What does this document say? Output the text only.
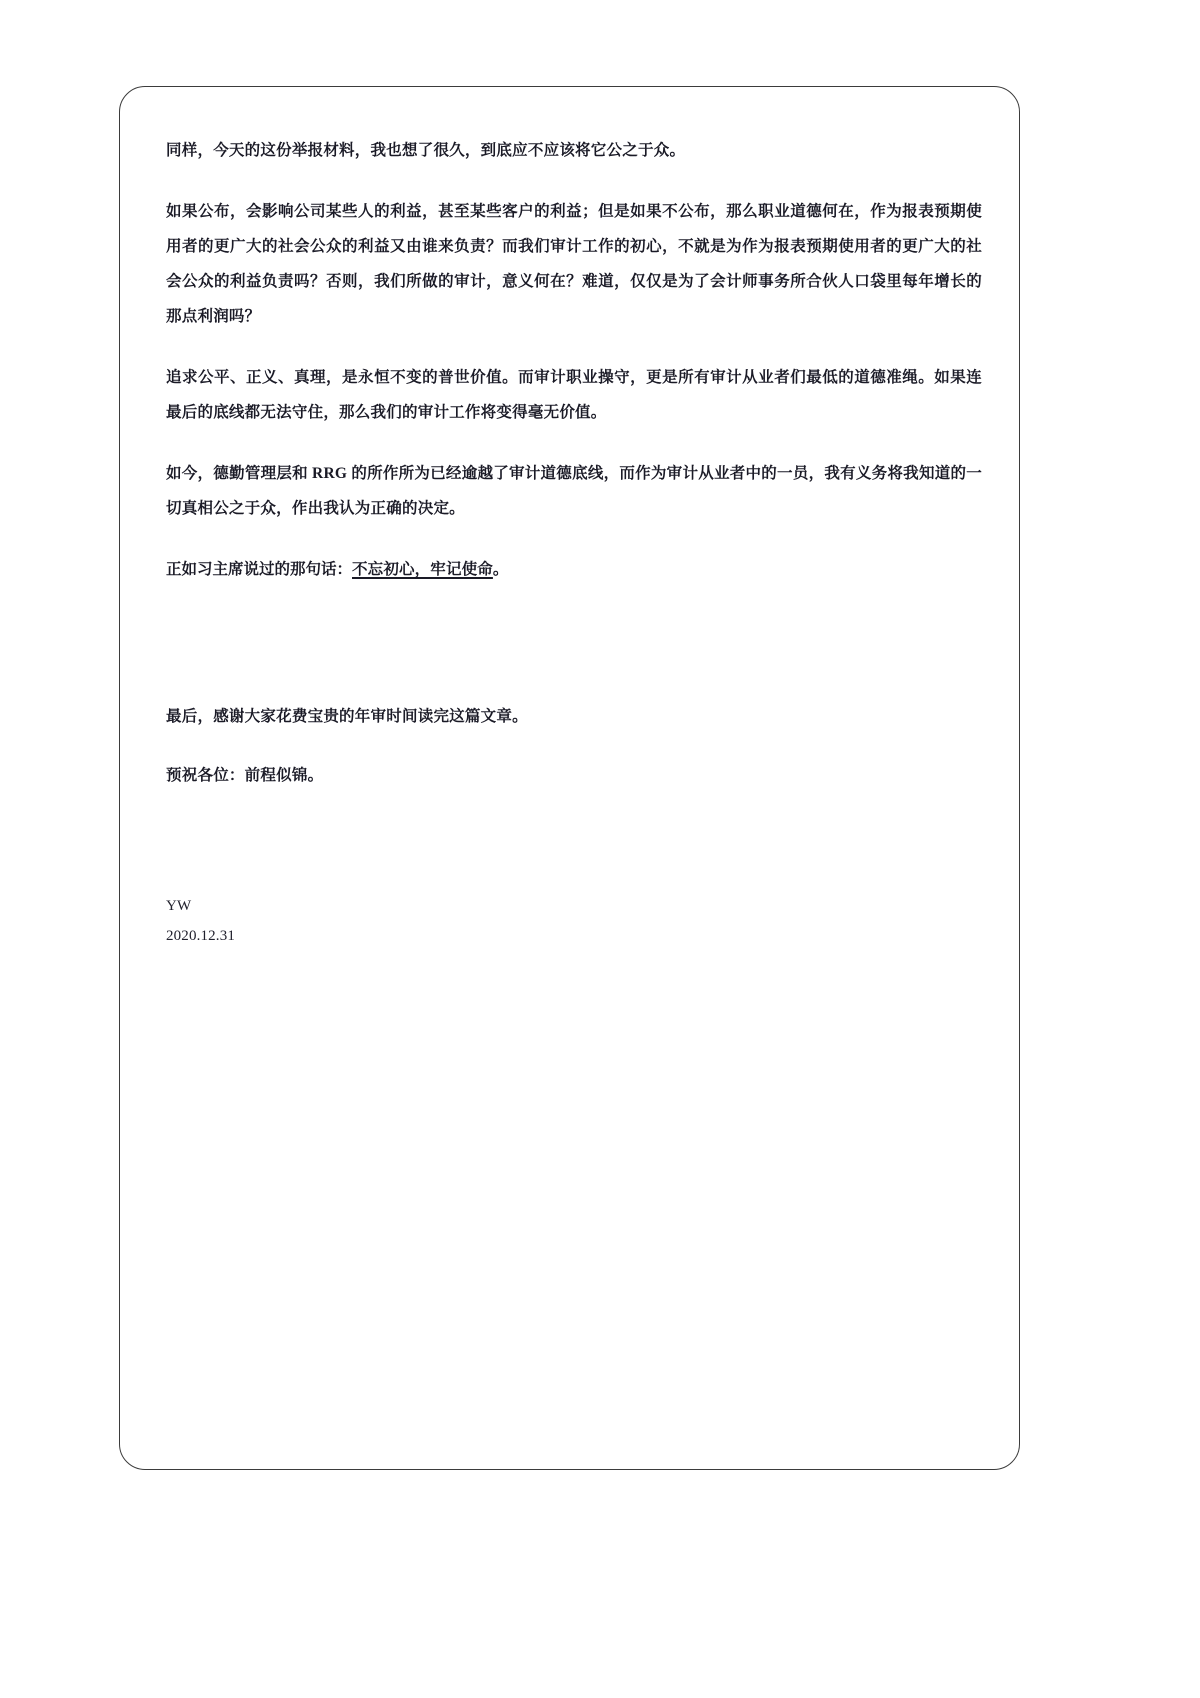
同样，今天的这份举报材料，我也想了很久，到底应不应该将它公之于众。

如果公布，会影响公司某些人的利益，甚至某些客户的利益；但是如果不公布，那么职业道德何在，作为报表预期使用者的更广大的社会公众的利益又由谁来负责？而我们审计工作的初心，不就是为作为报表预期使用者的更广大的社会公众的利益负责吗？否则，我们所做的审计，意义何在？难道，仅仅是为了会计师事务所合伙人口袋里每年增长的那点利润吗？

追求公平、正义、真理，是永恒不变的普世价值。而审计职业操守，更是所有审计从业者们最低的道德准绳。如果连最后的底线都无法守住，那么我们的审计工作将变得毫无价值。

如今，德勤管理层和 RRG 的所作所为已经逾越了审计道德底线，而作为审计从业者中的一员，我有义务将我知道的一切真相公之于众，作出我认为正确的决定。

正如习主席说过的那句话：不忘初心，牢记使命。

最后，感谢大家花费宝贵的年审时间读完这篇文章。

预祝各位：前程似锦。

YW

2020.12.31
